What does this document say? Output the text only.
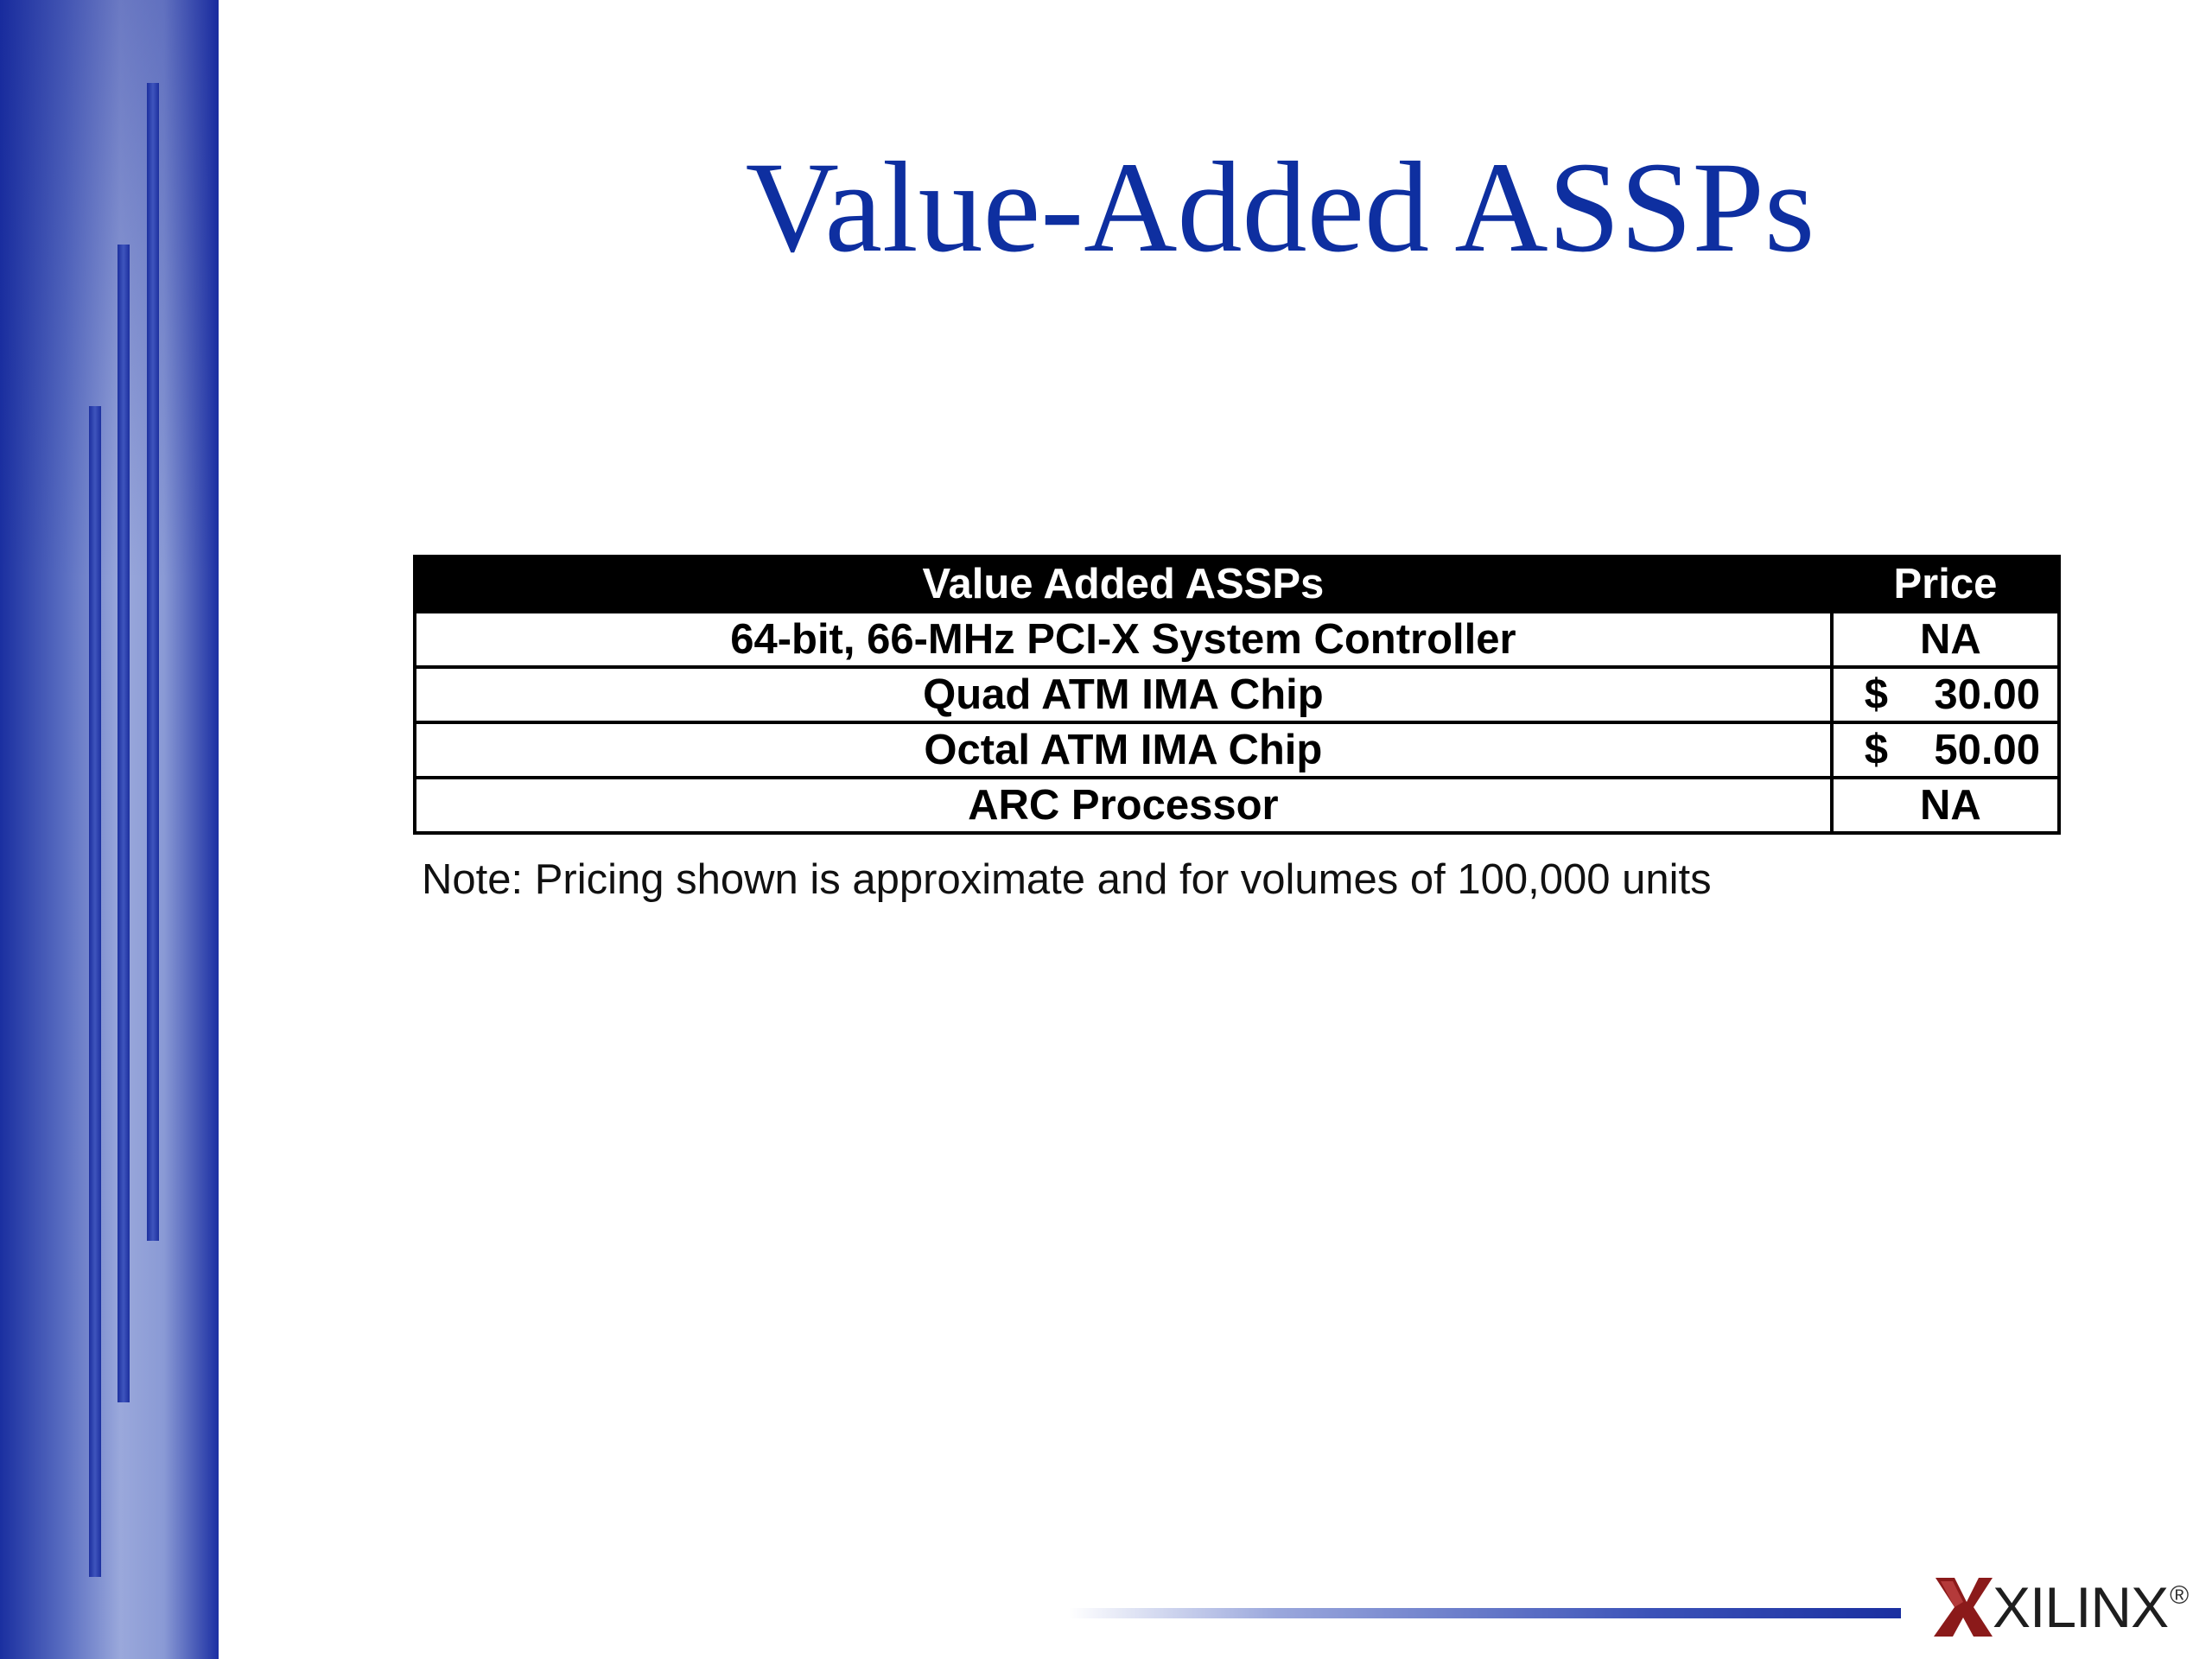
Value-Added ASSPs
Value Added ASSPs	Price
64-bit, 66-MHz PCI-X System Controller	NA
Quad ATM IMA Chip	$ 30.00

Octal ATM IMA Chip	$ 50.00

ARC Processor	NA
Note: Pricing shown is approximate and for volumes of 100,000 units
XILINX ®
